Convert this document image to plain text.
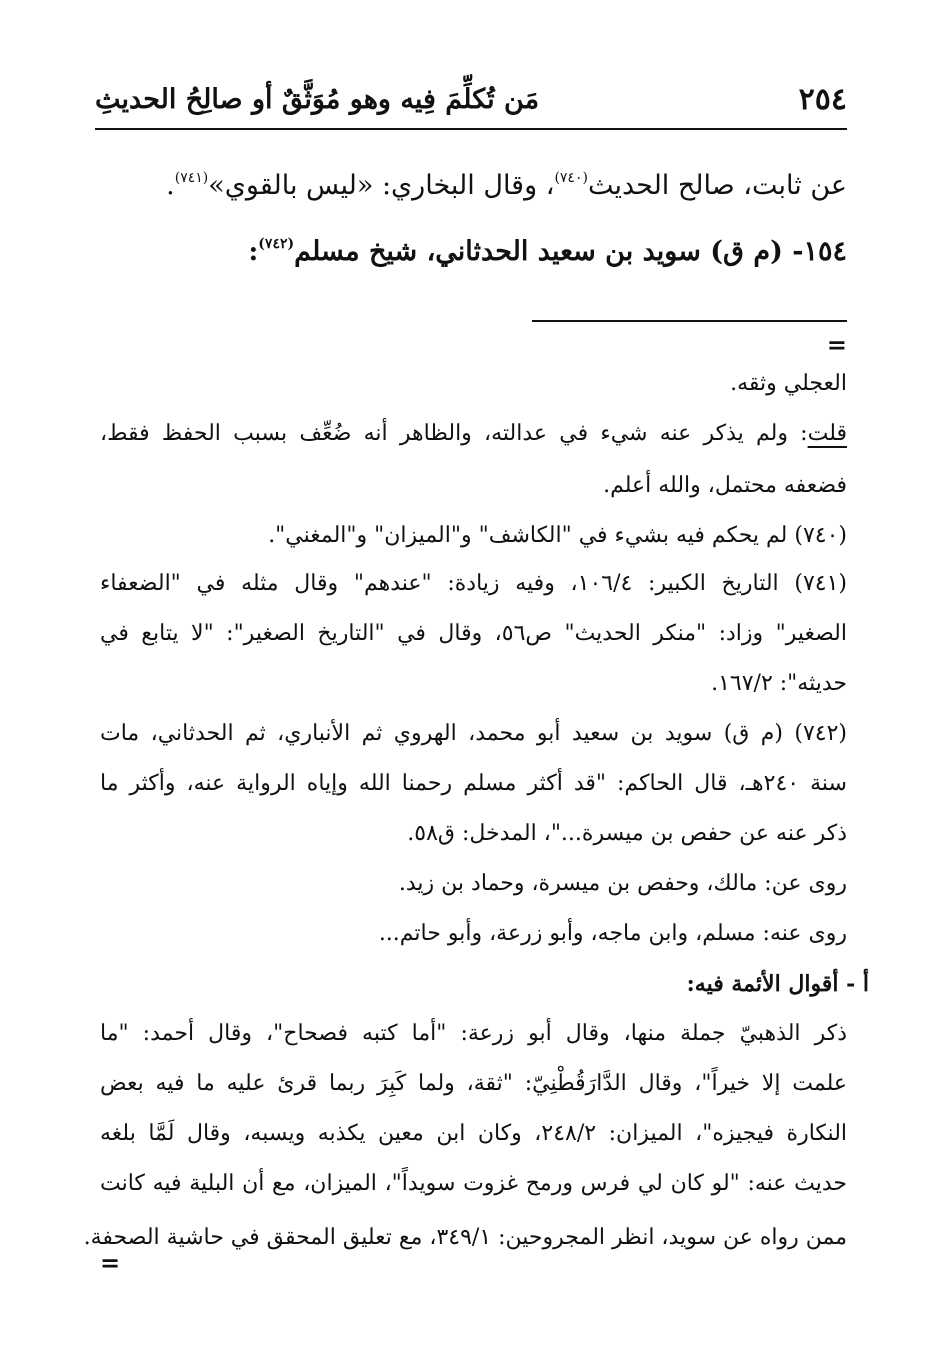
مَن تُكلِّمَ فِيه وهو مُوَثَّقٌ أو صالِحُ الحديثِ	٢٥٤
عن ثابت، صالح الحديث$^{(٧٤٠)}$، وقال البخاري: «ليس بالقوي»$^{(٧٤١)}$.
١٥٤- (م ق) سويد بن سعيد الحدثاني، شيخ مسلم$^{(٧٤٢)}$:
=
العجلي وثقه.
قلت: ولم يذكر عنه شيء في عدالته، والظاهر أنه ضُعِّف بسبب الحفظ فقط،
فضعفه محتمل، والله أعلم.
(٧٤٠) لم يحكم فيه بشيء في "الكاشف" و"الميزان" و"المغني".
(٧٤١) التاريخ الكبير: ١٠٦/٤، وفيه زيادة: "عندهم" وقال مثله في "الضعفاء
الصغير" وزاد: "منكر الحديث" ص٥٦، وقال في "التاريخ الصغير": "لا يتابع في
حديثه": ١٦٧/٢.
(٧٤٢) (م ق) سويد بن سعيد أبو محمد، الهروي ثم الأنباري، ثم الحدثاني، مات
سنة ٢٤٠هـ، قال الحاكم: "قد أكثر مسلم رحمنا الله وإياه الرواية عنه، وأكثر ما
ذكر عنه عن حفص بن ميسرة..."، المدخل: ق٥٨.
روى عن: مالك، وحفص بن ميسرة، وحماد بن زيد.
روى عنه: مسلم، وابن ماجه، وأبو زرعة، وأبو حاتم...
أ - أقوال الأئمة فيه:
ذكر الذهبيّ جملة منها، وقال أبو زرعة: "أما كتبه فصحاح"، وقال أحمد: "ما
علمت إلا خيراً"، وقال الدَّارَقُطْنِيّ: "ثقة، ولما كَبِرَ ربما قرئ عليه ما فيه بعض
النكارة فيجيزه"، الميزان: ٢٤٨/٢، وكان ابن معين يكذبه ويسبه، وقال لَمَّا بلغه
حديث عنه: "لو كان لي فرس ورمح غزوت سويداً"، الميزان، مع أن البلية فيه كانت
ممن رواه عن سويد، انظر المجروحين: ٣٤٩/١، مع تعليق المحقق في حاشية الصحفة.
=
